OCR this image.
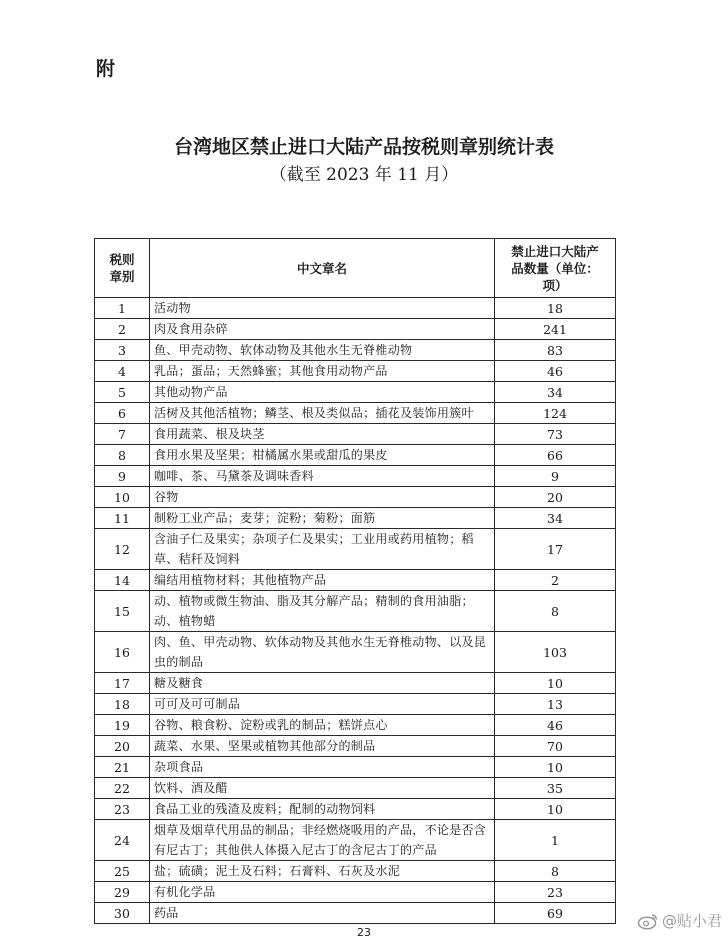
附
台湾地区禁止进口大陆产品按税则章别统计表
（截至 2023 年 11 月）
税则章别	中文章名	禁止进口大陆产品数量（单位：项）
1	活动物	18
2	肉及食用杂碎	241
3	鱼、甲壳动物、软体动物及其他水生无脊椎动物	83
4	乳品；蛋品；天然蜂蜜；其他食用动物产品	46
5	其他动物产品	34
6	活树及其他活植物；鳞茎、根及类似品；插花及装饰用簇叶	124
7	食用蔬菜、根及块茎	73
8	食用水果及坚果；柑橘属水果或甜瓜的果皮	66
9	咖啡、茶、马黛茶及调味香料	9
10	谷物	20
11	制粉工业产品；麦芽；淀粉；菊粉；面筋	34
12	含油子仁及果实；杂项子仁及果实；工业用或药用植物；稻草、秸秆及饲料	17
14	编结用植物材料；其他植物产品	2
15	动、植物或微生物油、脂及其分解产品；精制的食用油脂；动、植物蜡	8
16	肉、鱼、甲壳动物、软体动物及其他水生无脊椎动物、以及昆虫的制品	103
17	糖及糖食	10
18	可可及可可制品	13
19	谷物、粮食粉、淀粉或乳的制品；糕饼点心	46
20	蔬菜、水果、坚果或植物其他部分的制品	70
21	杂项食品	10
22	饮料、酒及醋	35
23	食品工业的残渣及废料；配制的动物饲料	10
24	烟草及烟草代用品的制品；非经燃烧吸用的产品，不论是否含有尼古丁；其他供人体摄入尼古丁的含尼古丁的产品	1
25	盐；硫磺；泥土及石料；石膏料、石灰及水泥	8
29	有机化学品	23
30	药品	69
23
@贴小君
